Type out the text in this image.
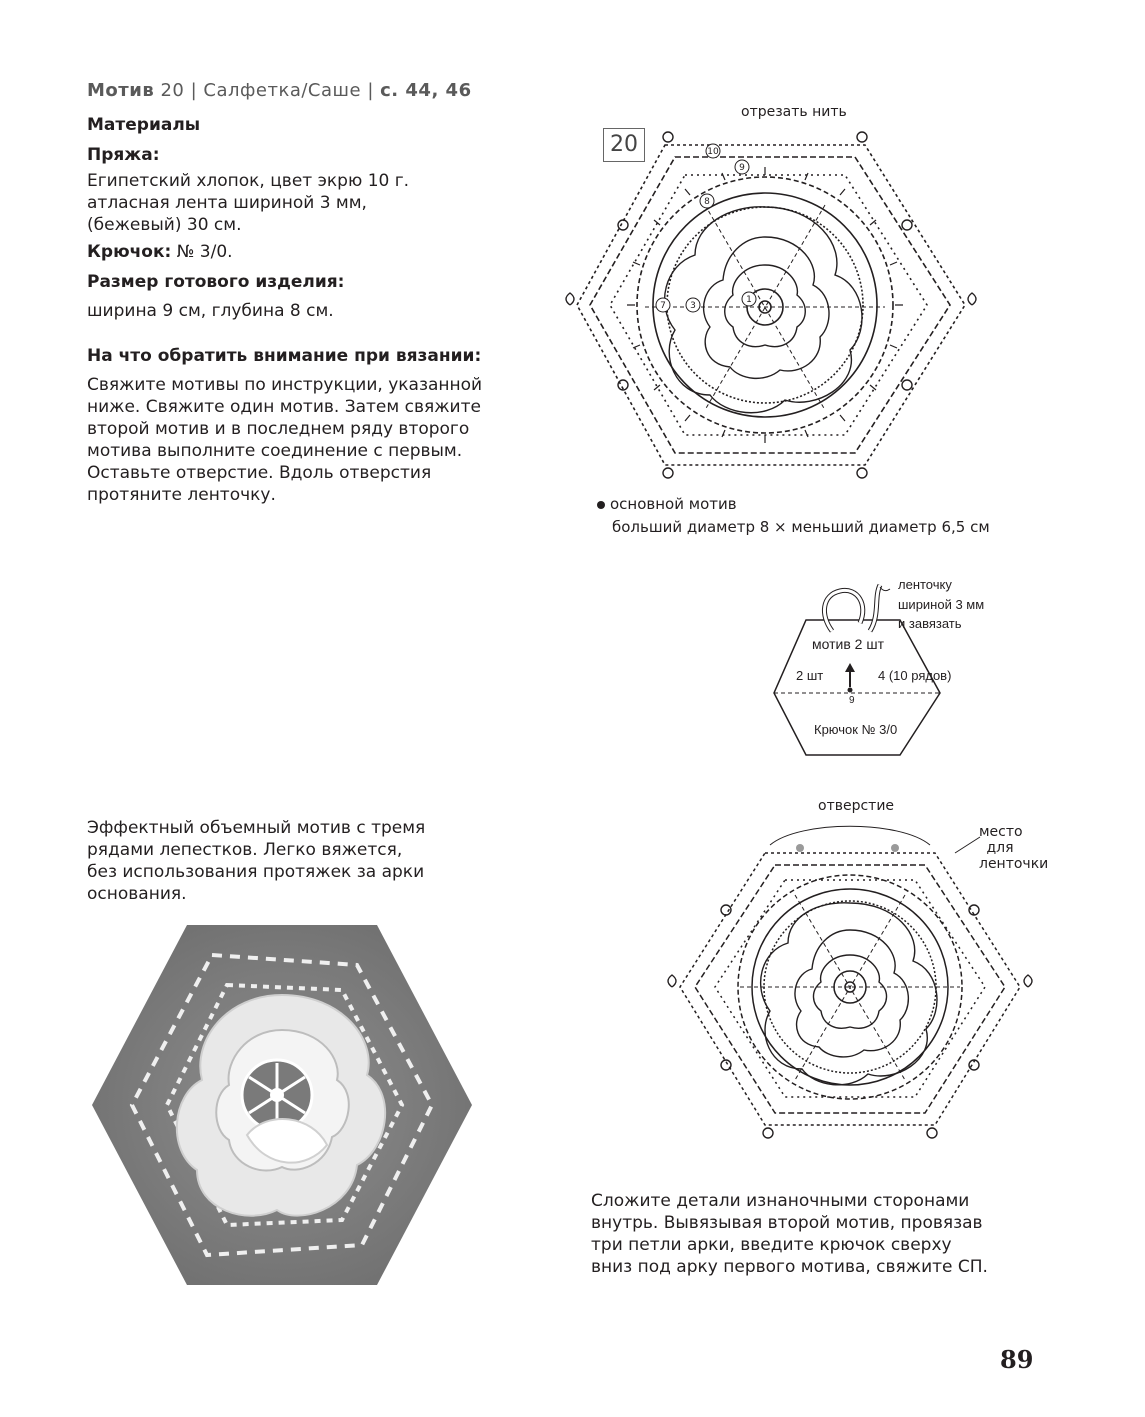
Мотив 20 | Салфетка/Саше | с. 44, 46
Материалы
Пряжа:
Египетский хлопок, цвет экрю 10 г.
атласная лента шириной 3 мм,
(бежевый) 30 см.
Крючок: № 3/0.
Размер готового изделия:
ширина 9 см, глубина 8 см.
На что обратить внимание при вязании:
Свяжите мотивы по инструкции, указанной
ниже. Свяжите один мотив. Затем свяжите
второй мотив и в последнем ряду второго
мотива выполните соединение с первым.
Оставьте отверстие. Вдоль отверстия
протяните ленточку.
20
отрезать нить
10
9
8
7	3
1
основной мотив
больший диаметр 8 × меньший диаметр 6,5 см
ленточку
шириной 3 мм
и завязать
мотив 2 шт
2 шт	4 (10 рядов)
9
Крючок № 3/0
Эффектный объемный мотив с тремя
рядами лепестков. Легко вяжется,
без использования протяжек за арки
основания.
отверстие
место
для
ленточки
Сложите детали изнаночными сторонами
внутрь. Вывязывая второй мотив, провязав
три петли арки, введите крючок сверху
вниз под арку первого мотива, свяжите СП.
89
